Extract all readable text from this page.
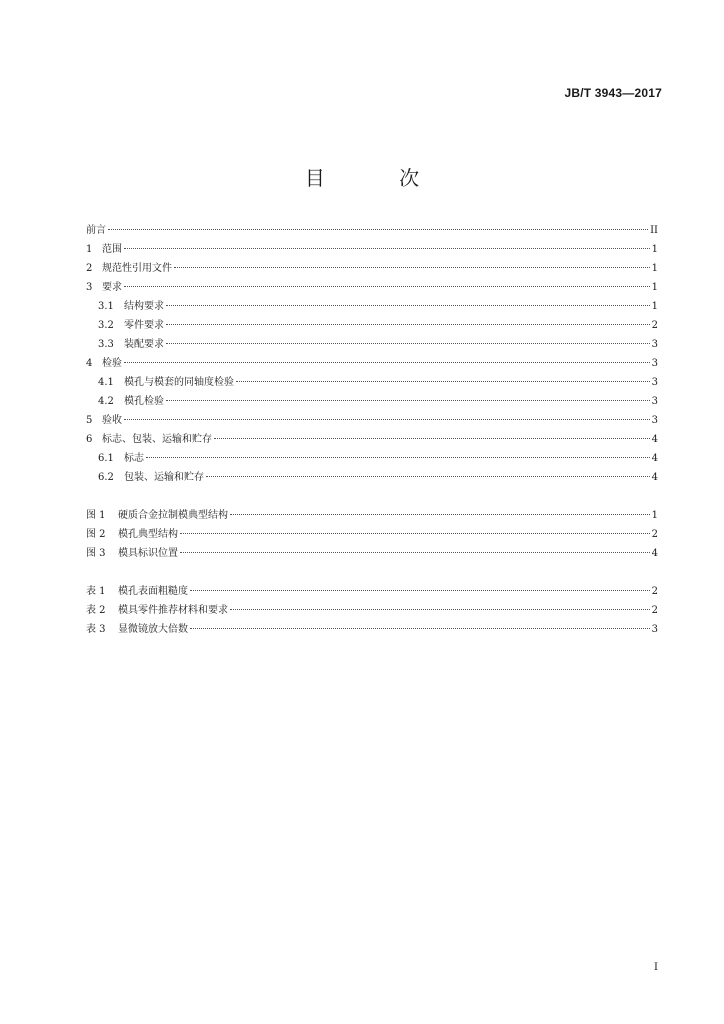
JB/T 3943—2017
目 次
前言	II
1 范围	1
2 规范性引用文件	1
3 要求	1
3.1	结构要求	1
3.2	零件要求	2
3.3	装配要求	3
4 检验	3
4.1	模孔与模套的同轴度检验	3
4.2	模孔检验	3
5 验收	3
6 标志、包装、运输和贮存	4
6.1	标志	4
6.2	包装、运输和贮存	4
图 1	硬质合金拉制模典型结构	1
图 2	模孔典型结构	2
图 3	模具标识位置	4
表 1	模孔表面粗糙度	2
表 2	模具零件推荐材料和要求	2
表 3	显微镜放大倍数	3
I
